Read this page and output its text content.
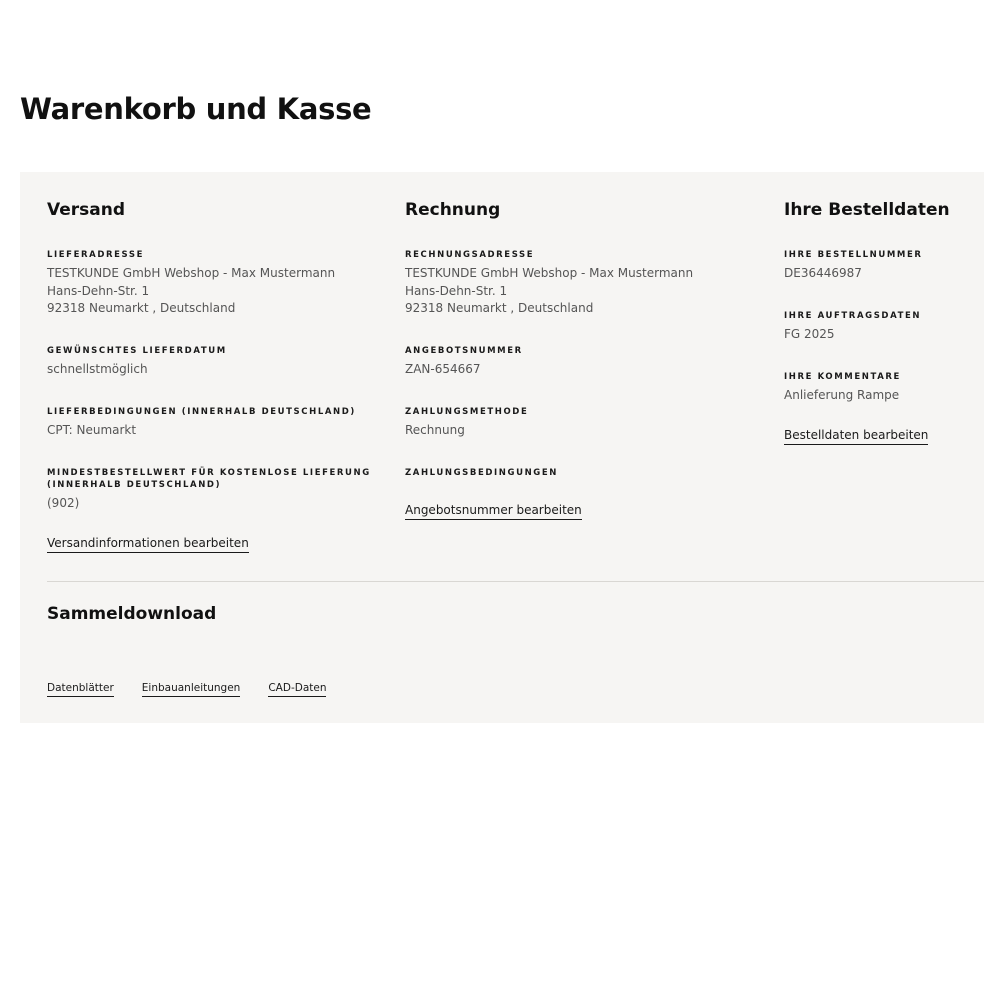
Warenkorb und Kasse
Versand
LIEFERADRESSE
TESTKUNDE GmbH Webshop - Max Mustermann
Hans-Dehn-Str. 1
92318 Neumarkt , Deutschland
GEWÜNSCHTES LIEFERDATUM
schnellstmöglich
LIEFERBEDINGUNGEN (INNERHALB DEUTSCHLAND)
CPT: Neumarkt
MINDESTBESTELLWERT FÜR KOSTENLOSE LIEFERUNG
(INNERHALB DEUTSCHLAND)
(902)
Versandinformationen bearbeiten
Rechnung
RECHNUNGSADRESSE
TESTKUNDE GmbH Webshop - Max Mustermann
Hans-Dehn-Str. 1
92318 Neumarkt , Deutschland
ANGEBOTSNUMMER
ZAN-654667
ZAHLUNGSMETHODE
Rechnung
ZAHLUNGSBEDINGUNGEN
Angebotsnummer bearbeiten
Ihre Bestelldaten
IHRE BESTELLNUMMER
DE36446987
IHRE AUFTRAGSDATEN
FG 2025
IHRE KOMMENTARE
Anlieferung Rampe
Bestelldaten bearbeiten
Sammeldownload
Datenblätter	Einbauanleitungen	CAD-Daten
